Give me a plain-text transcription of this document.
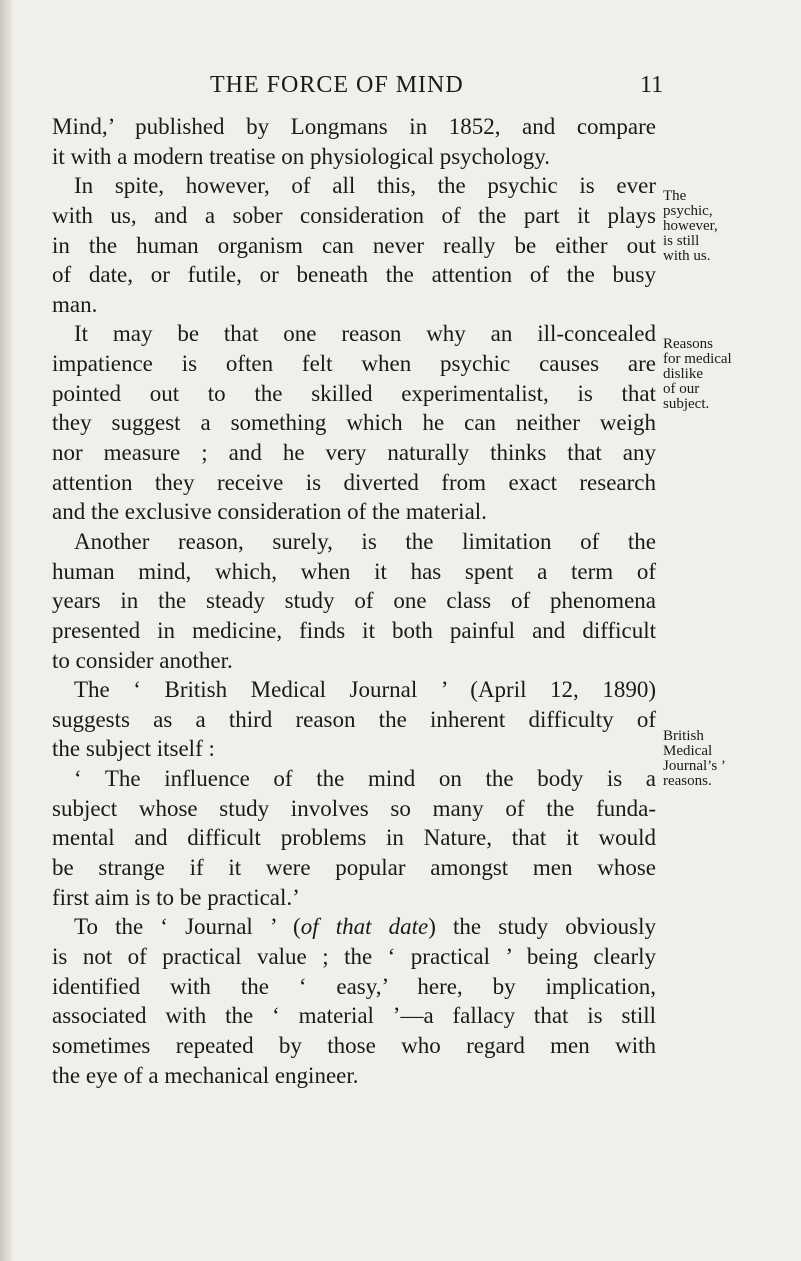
THE FORCE OF MIND	11
Mind,’ published by Longmans in 1852, and compare
it with a modern treatise on physiological psychology.
In spite, however, of all this, the psychic is ever
with us, and a sober consideration of the part it plays
in the human organism can never really be either out
of date, or futile, or beneath the attention of the busy
man.
It may be that one reason why an ill-concealed
impatience is often felt when psychic causes are
pointed out to the skilled experimentalist, is that
they suggest a something which he can neither weigh
nor measure ; and he very naturally thinks that any
attention they receive is diverted from exact research
and the exclusive consideration of the material.
Another reason, surely, is the limitation of the
human mind, which, when it has spent a term of
years in the steady study of one class of phenomena
presented in medicine, finds it both painful and difficult
to consider another.
The ‘ British Medical Journal ’ (April 12, 1890)
suggests as a third reason the inherent difficulty of
the subject itself :
‘ The influence of the mind on the body is a
subject whose study involves so many of the funda-
mental and difficult problems in Nature, that it would
be strange if it were popular amongst men whose
first aim is to be practical.’
To the ‘ Journal ’ (of that date) the study obviously
is not of practical value ; the ‘ practical ’ being clearly
identified with the ‘ easy,’ here, by implication,
associated with the ‘ material ’—a fallacy that is still
sometimes repeated by those who regard men with
the eye of a mechanical engineer.
The
psychic,
however,
is still
with us.
Reasons
for medical
dislike
of our
subject.
British
Medical
Journal’s ’
reasons.
